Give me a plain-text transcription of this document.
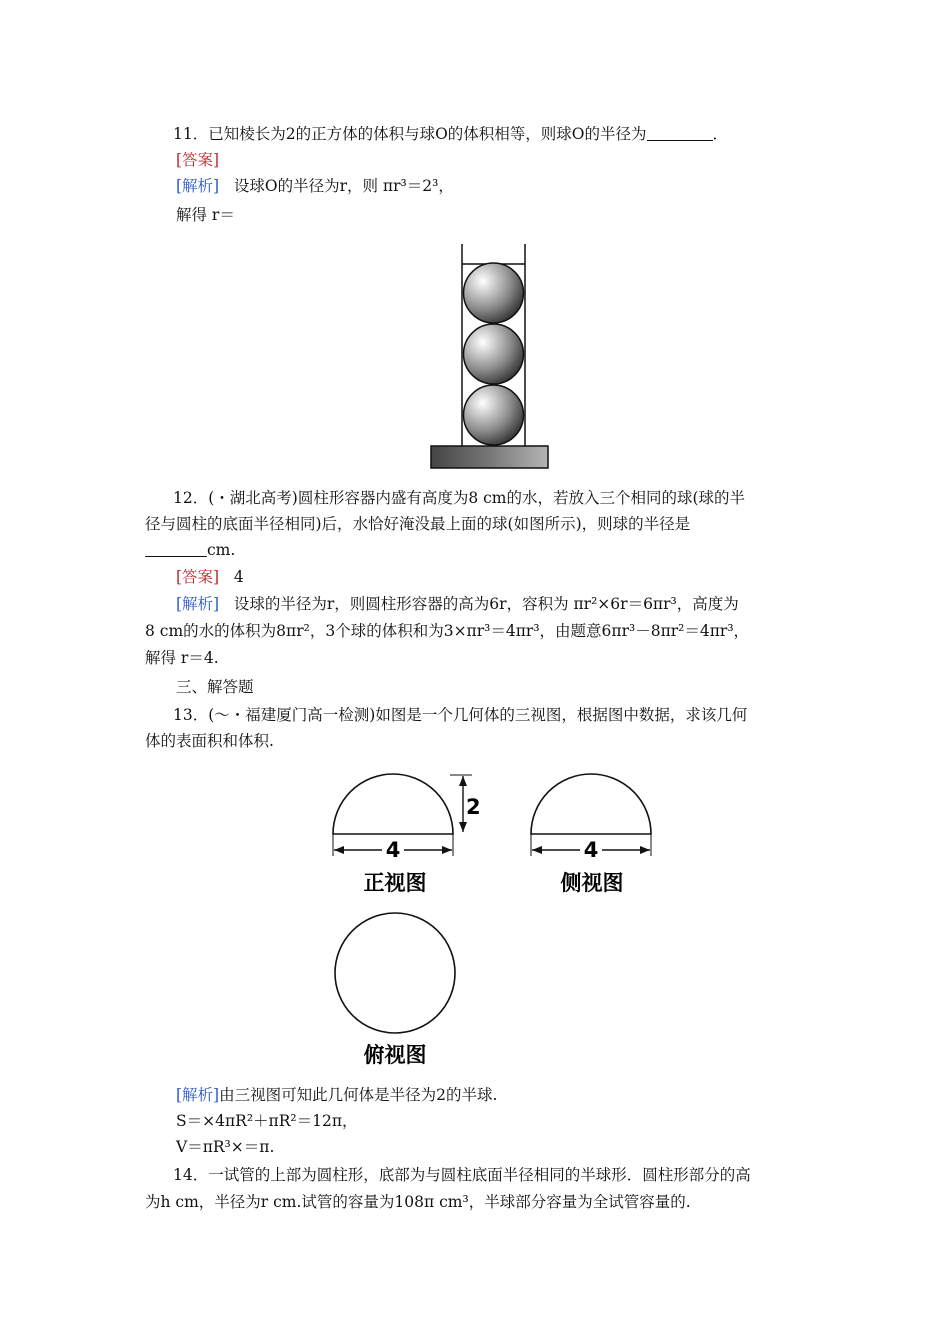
11．已知棱长为2的正方体的体积与球O的体积相等，则球O的半径为	．
[答案]
[解析] 设球O的半径为r，则 πr³＝2³，
解得 r＝
12．(・湖北高考)圆柱形容器内盛有高度为8 cm的水，若放入三个相同的球(球的半
径与圆柱的底面半径相同)后，水恰好淹没最上面的球(如图所示)，则球的半径是
cm.
[答案] 4
[解析] 设球的半径为r，则圆柱形容器的高为6r，容积为 πr²×6r＝6πr³，高度为
8 cm的水的体积为8πr²，3个球的体积和为3×πr³＝4πr³，由题意6πr³－8πr²＝4πr³，
解得 r＝4.
三、解答题
13．(～・福建厦门高一检测)如图是一个几何体的三视图，根据图中数据，求该几何
体的表面积和体积.
2
4
正视图
4
侧视图
俯视图
[解析]由三视图可知此几何体是半径为2的半球.
S＝×4πR²＋πR²＝12π，
V＝πR³×＝π.
14．一试管的上部为圆柱形，底部为与圆柱底面半径相同的半球形．圆柱形部分的高
为h cm，半径为r cm.试管的容量为108π cm³，半球部分容量为全试管容量的.
